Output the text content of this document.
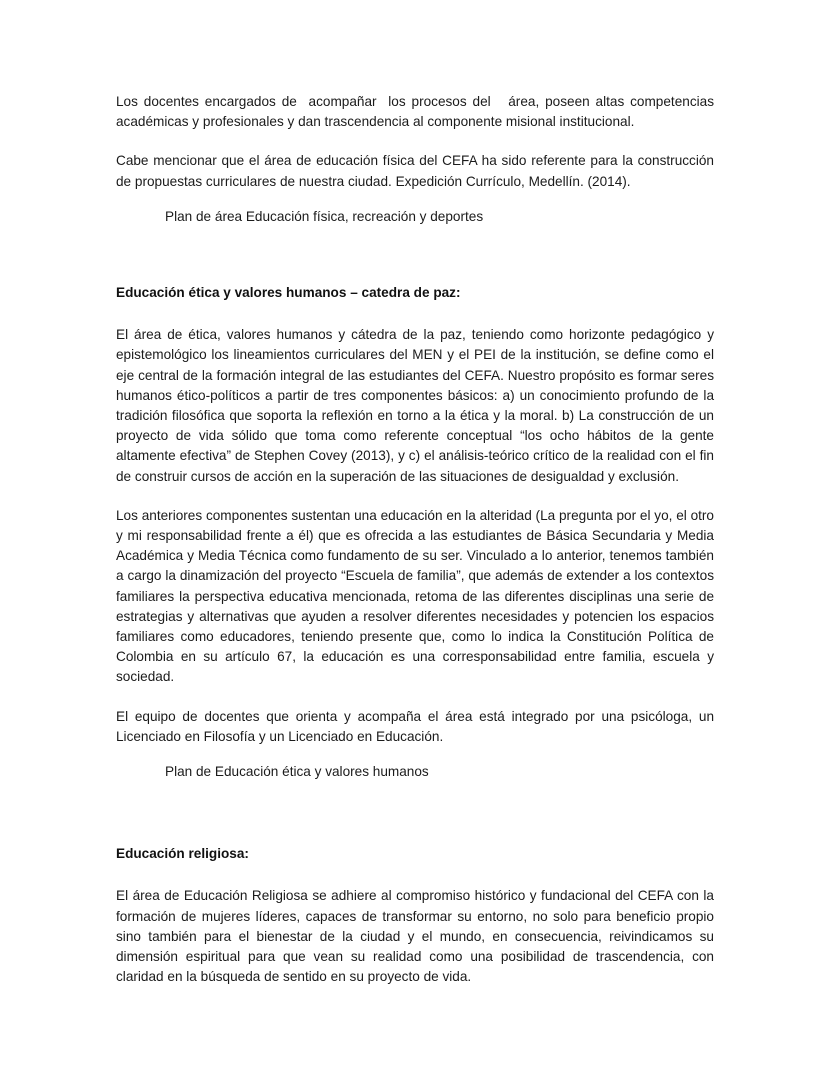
Los docentes encargados de  acompañar  los procesos del   área, poseen altas competencias académicas y profesionales y dan trascendencia al componente misional institucional.

Cabe mencionar que el área de educación física del CEFA ha sido referente para la construcción de propuestas curriculares de nuestra ciudad. Expedición Currículo, Medellín. (2014).

Plan de área Educación física, recreación y deportes

Educación ética y valores humanos – catedra de paz:

El área de ética, valores humanos y cátedra de la paz, teniendo como horizonte pedagógico y epistemológico los lineamientos curriculares del MEN y el PEI de la institución, se define como el eje central de la formación integral de las estudiantes del CEFA. Nuestro propósito es formar seres humanos ético-políticos a partir de tres componentes básicos: a) un conocimiento profundo de la tradición filosófica que soporta la reflexión en torno a la ética y la moral. b) La construcción de un proyecto de vida sólido que toma como referente conceptual “los ocho hábitos de la gente altamente efectiva” de Stephen Covey (2013), y c) el análisis-teórico crítico de la realidad con el fin de construir cursos de acción en la superación de las situaciones de desigualdad y exclusión.

Los anteriores componentes sustentan una educación en la alteridad (La pregunta por el yo, el otro y mi responsabilidad frente a él) que es ofrecida a las estudiantes de Básica Secundaria y Media Académica y Media Técnica como fundamento de su ser. Vinculado a lo anterior, tenemos también a cargo la dinamización del proyecto “Escuela de familia”, que además de extender a los contextos familiares la perspectiva educativa mencionada, retoma de las diferentes disciplinas una serie de estrategias y alternativas que ayuden a resolver diferentes necesidades y potencien los espacios familiares como educadores, teniendo presente que, como lo indica la Constitución Política de Colombia en su artículo 67, la educación es una corresponsabilidad entre familia, escuela y sociedad.

El equipo de docentes que orienta y acompaña el área está integrado por una psicóloga, un Licenciado en Filosofía y un Licenciado en Educación.

Plan de Educación ética y valores humanos

Educación religiosa:

El área de Educación Religiosa se adhiere al compromiso histórico y fundacional del CEFA con la formación de mujeres líderes, capaces de transformar su entorno, no solo para beneficio propio sino también para el bienestar de la ciudad y el mundo, en consecuencia, reivindicamos su dimensión espiritual para que vean su realidad como una posibilidad de trascendencia, con claridad en la búsqueda de sentido en su proyecto de vida.
